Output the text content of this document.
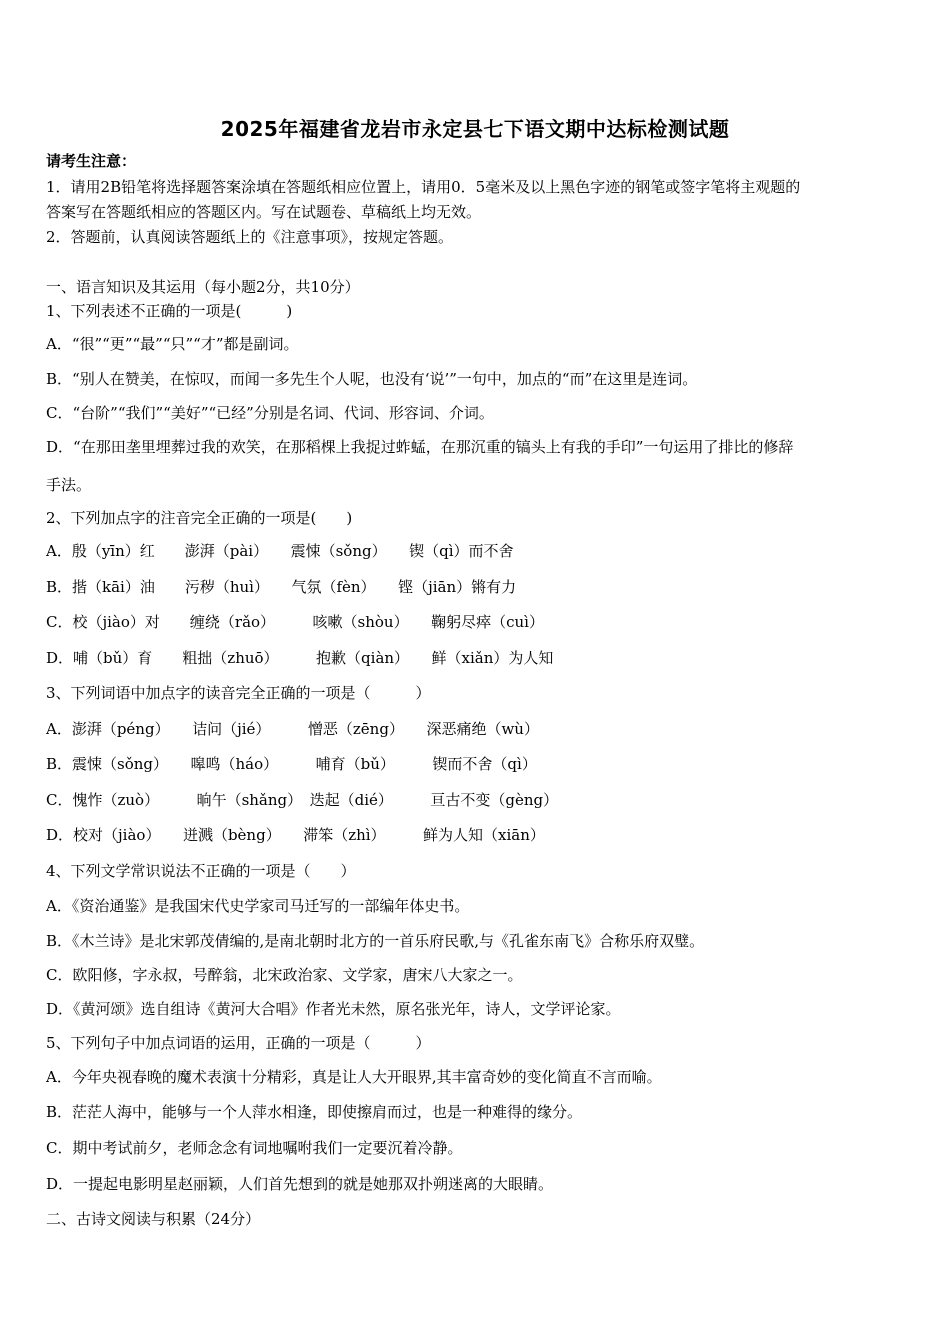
2025年福建省龙岩市永定县七下语文期中达标检测试题
请考生注意：
1．请用2B铅笔将选择题答案涂填在答题纸相应位置上，请用0．5毫米及以上黑色字迹的钢笔或签字笔将主观题的
答案写在答题纸相应的答题区内。写在试题卷、草稿纸上均无效。
2．答题前，认真阅读答题纸上的《注意事项》，按规定答题。
一、语言知识及其运用（每小题2分，共10分）
1、下列表述不正确的一项是(　　　)
A．“很”“更”“最”“只”“才”都是副词。
B．“别人在赞美，在惊叹，而闻一多先生个人呢，也没有‘说’”一句中，加点的“而”在这里是连词。
C．“台阶”“我们”“美好”“已经”分别是名词、代词、形容词、介词。
D．“在那田垄里埋葬过我的欢笑，在那稻棵上我捉过蚱蜢，在那沉重的镐头上有我的手印”一句运用了排比的修辞
手法。
2、下列加点字的注音完全正确的一项是(　　)
A．殷（yīn）红　　澎湃（pài）　　震悚（sǒng）　　锲（qì）而不舍
B．揩（kāi）油　　污秽（huì）　　气氛（fèn）　　铿（jiān）锵有力
C．校（jiào）对　　缠绕（rǎo）　　　咳嗽（shòu）　　鞠躬尽瘁（cuì）
D．哺（bǔ）育　　粗拙（zhuō）　　　抱歉（qiàn）　　鲜（xiǎn）为人知
3、下列词语中加点字的读音完全正确的一项是（　　　）
A．澎湃（péng）　　诘问（jié）　　　憎恶（zēng）　　深恶痛绝（wù）
B．震悚（sǒng）　　嗥鸣（háo）　　　哺育（bǔ）　　　锲而不舍（qì）
C．愧怍（zuò）　　　晌午（shǎng）　迭起（dié）　　　亘古不变（gèng）
D．校对（jiào）　　迸溅（bèng）　　滞笨（zhì）　　　鲜为人知（xiān）
4、下列文学常识说法不正确的一项是（　　）
A．《资治通鉴》是我国宋代史学家司马迁写的一部编年体史书。
B．《木兰诗》是北宋郭茂倩编的,是南北朝时北方的一首乐府民歌,与《孔雀东南飞》合称乐府双璧。
C．欧阳修，字永叔，号醉翁，北宋政治家、文学家，唐宋八大家之一。
D．《黄河颂》选自组诗《黄河大合唱》作者光未然，原名张光年，诗人，文学评论家。
5、下列句子中加点词语的运用，正确的一项是（　　　）
A．今年央视春晚的魔术表演十分精彩，真是让人大开眼界,其丰富奇妙的变化简直不言而喻。
B．茫茫人海中，能够与一个人萍水相逢，即使擦肩而过，也是一种难得的缘分。
C．期中考试前夕，老师念念有词地嘱咐我们一定要沉着冷静。
D．一提起电影明星赵丽颖，人们首先想到的就是她那双扑朔迷离的大眼睛。
二、古诗文阅读与积累（24分）
